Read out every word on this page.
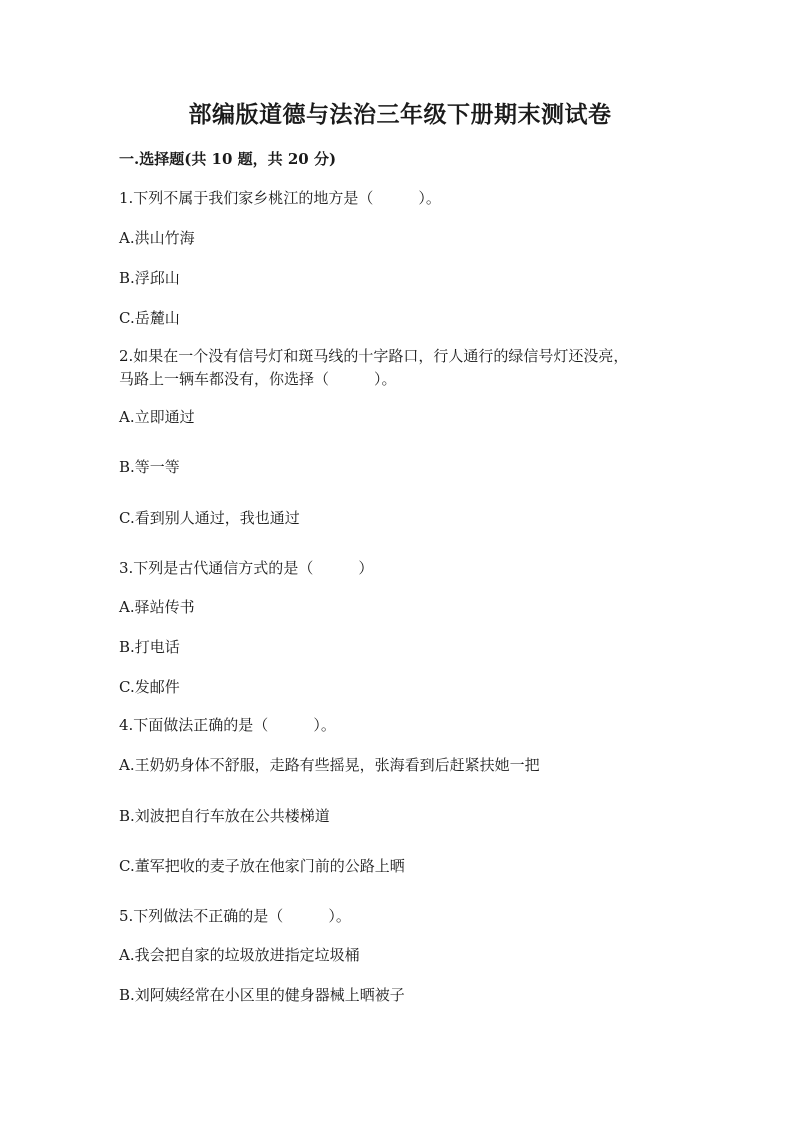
部编版道德与法治三年级下册期末测试卷
一.选择题(共 10 题，共 20 分)
1.下列不属于我们家乡桃江的地方是（　　　）。
A.洪山竹海
B.浮邱山
C.岳麓山
2.如果在一个没有信号灯和斑马线的十字路口，行人通行的绿信号灯还没亮，
马路上一辆车都没有，你选择（　　　）。
A.立即通过
B.等一等
C.看到别人通过，我也通过
3.下列是古代通信方式的是（　　　）
A.驿站传书
B.打电话
C.发邮件
4.下面做法正确的是（　　　）。
A.王奶奶身体不舒服，走路有些摇晃，张海看到后赶紧扶她一把
B.刘波把自行车放在公共楼梯道
C.董军把收的麦子放在他家门前的公路上晒
5.下列做法不正确的是（　　　）。
A.我会把自家的垃圾放进指定垃圾桶
B.刘阿姨经常在小区里的健身器械上晒被子
